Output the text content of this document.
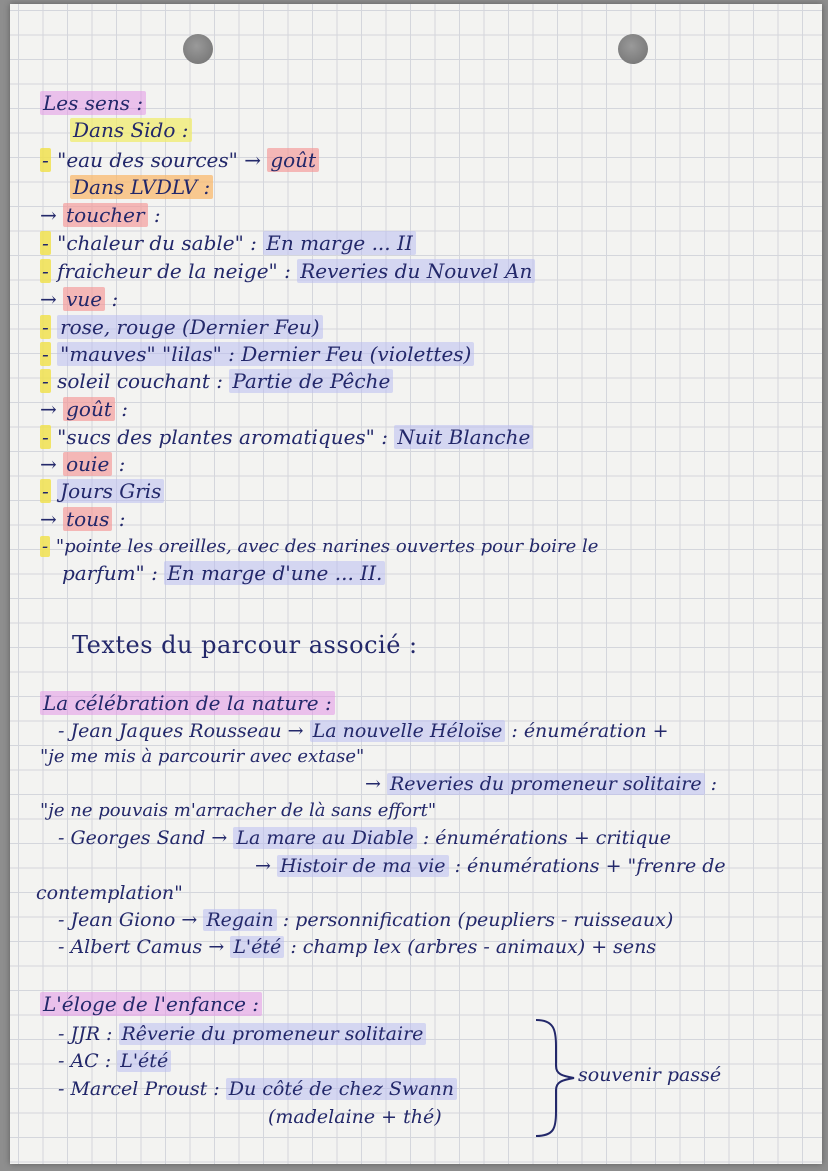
Les sens :
Dans Sido :
- "eau des sources" → goût
Dans LVDLV :
→ toucher :
- "chaleur du sable" : En marge ... II
- fraicheur de la neige" : Reveries du Nouvel An
→ vue :
- rose, rouge (Dernier Feu)
- "mauves" "lilas" : Dernier Feu (violettes)
- soleil couchant : Partie de Pêche
→ goût :
- "sucs des plantes aromatiques" : Nuit Blanche
→ ouie :
- Jours Gris
→ tous :
- "pointe les oreilles, avec des narines ouvertes pour boire le
parfum" : En marge d'une ... II.
Textes du parcour associé :
La célébration de la nature :
- Jean Jaques Rousseau → La nouvelle Héloïse : énumération +
"je me mis à parcourir avec extase"
→ Reveries du promeneur solitaire :
"je ne pouvais m'arracher de là sans effort"
- Georges Sand → La mare au Diable : énumérations + critique
→ Histoir de ma vie : énumérations + "frenre de
contemplation"
- Jean Giono → Regain : personnification (peupliers - ruisseaux)
- Albert Camus → L'été : champ lex (arbres - animaux) + sens
L'éloge de l'enfance :
- JJR : Rêverie du promeneur solitaire
- AC : L'été
- Marcel Proust : Du côté de chez Swann
(madelaine + thé)
souvenir passé
